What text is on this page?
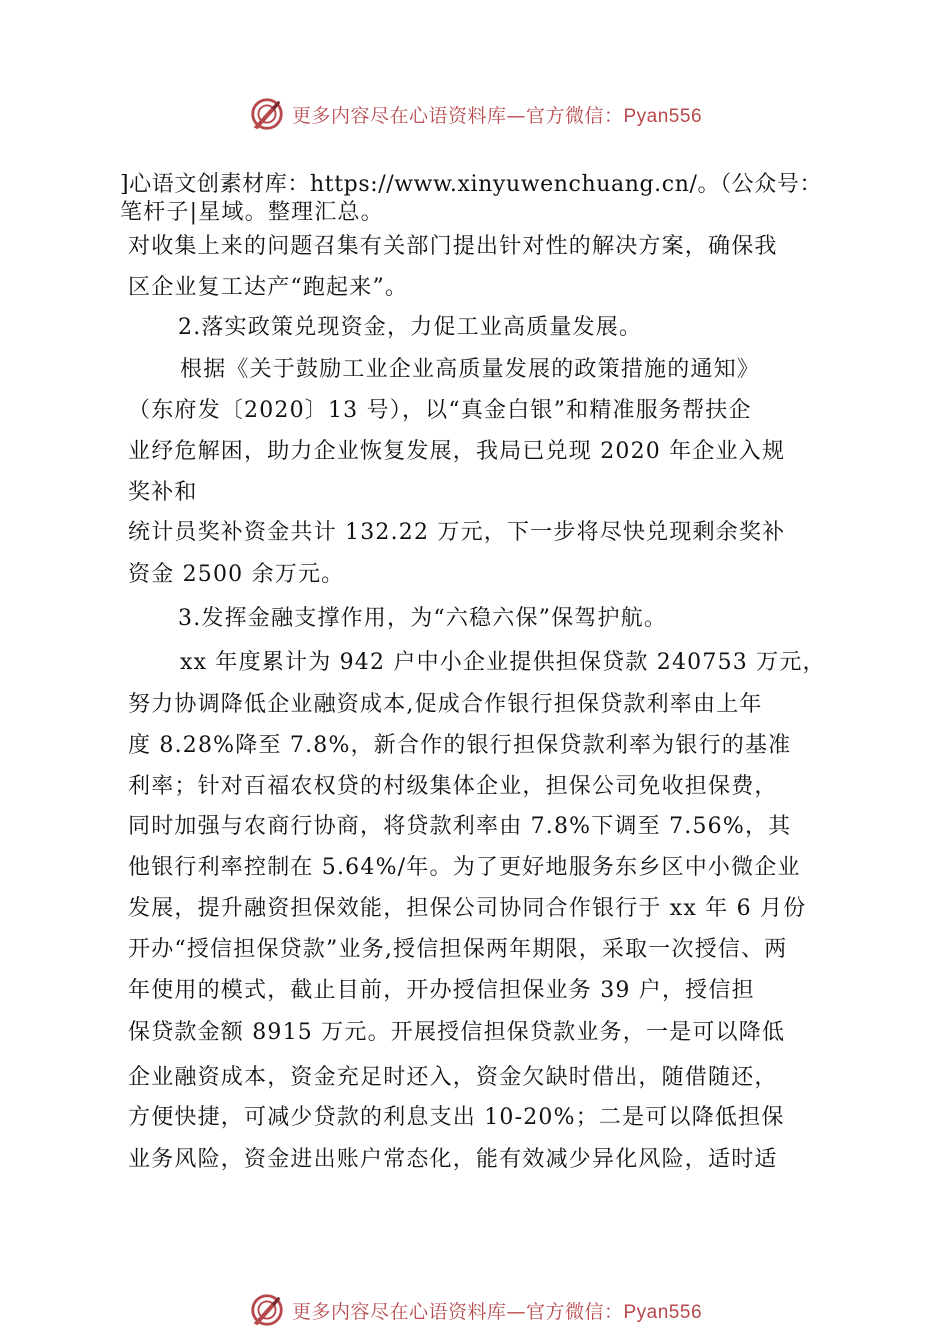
更多内容尽在心语资料库—官方微信：Pyan556
]心语文创素材库：https://www.xinyuwenchuang.cn/。（公众号：
笔杆子|星域。整理汇总。
对收集上来的问题召集有关部门提出针对性的解决方案，确保我
区企业复工达产“跑起来”。
2.落实政策兑现资金，力促工业高质量发展。
根据《关于鼓励工业企业高质量发展的政策措施的通知》
（东府发〔2020〕13 号），以“真金白银”和精准服务帮扶企
业纾危解困，助力企业恢复发展，我局已兑现 2020 年企业入规
奖补和
统计员奖补资金共计 132.22 万元，下一步将尽快兑现剩余奖补
资金 2500 余万元。
3.发挥金融支撑作用，为“六稳六保”保驾护航。
xx 年度累计为 942 户中小企业提供担保贷款 240753 万元，
努力协调降低企业融资成本,促成合作银行担保贷款利率由上年
度 8.28%降至 7.8%，新合作的银行担保贷款利率为银行的基准
利率；针对百福农权贷的村级集体企业，担保公司免收担保费，
同时加强与农商行协商，将贷款利率由 7.8%下调至 7.56%，其
他银行利率控制在 5.64%/年。为了更好地服务东乡区中小微企业
发展，提升融资担保效能，担保公司协同合作银行于 xx 年 6 月份
开办“授信担保贷款”业务,授信担保两年期限，采取一次授信、两
年使用的模式，截止目前，开办授信担保业务 39 户，授信担
保贷款金额 8915 万元。开展授信担保贷款业务，一是可以降低
企业融资成本，资金充足时还入，资金欠缺时借出，随借随还，
方便快捷，可减少贷款的利息支出 10-20%；二是可以降低担保
业务风险，资金进出账户常态化，能有效减少异化风险，适时适
更多内容尽在心语资料库—官方微信：Pyan556
